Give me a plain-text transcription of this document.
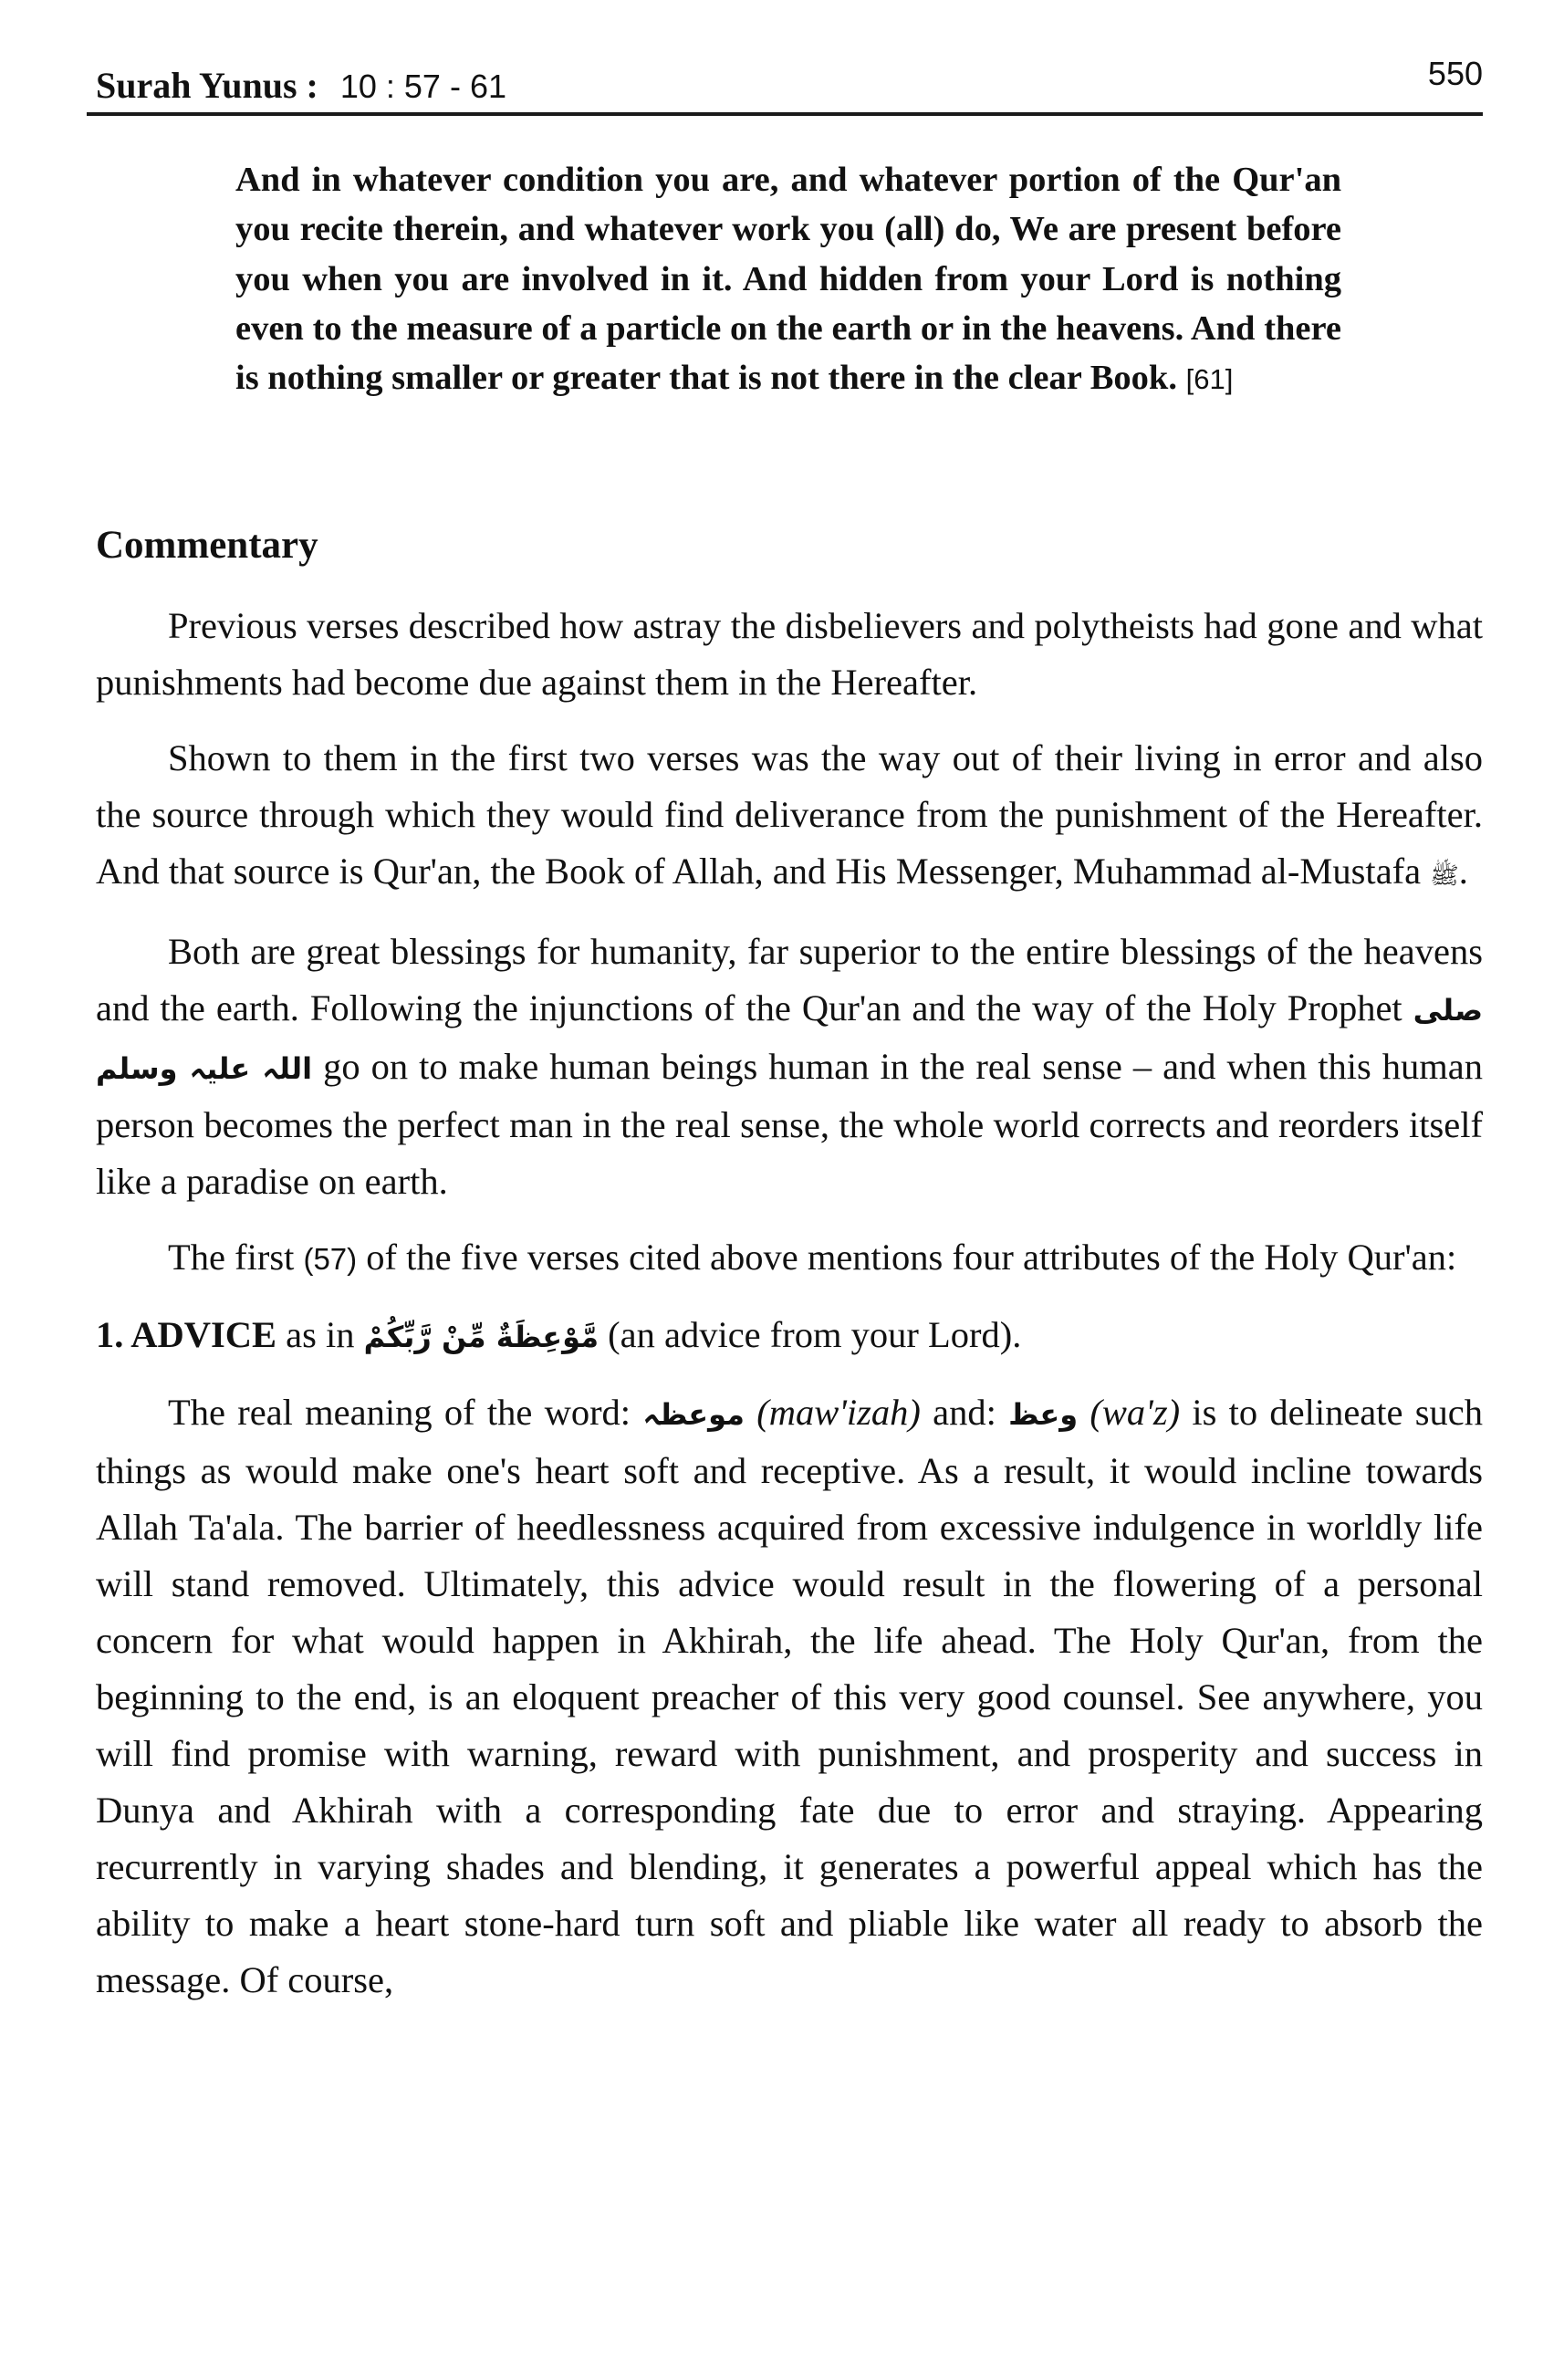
Surah Yunus : 10 : 57 - 61	550
And in whatever condition you are, and whatever portion of the Qur'an you recite therein, and whatever work you (all) do, We are present before you when you are involved in it. And hidden from your Lord is nothing even to the measure of a particle on the earth or in the heavens. And there is nothing smaller or greater that is not there in the clear Book. [61]
Commentary

Previous verses described how astray the disbelievers and polytheists had gone and what punishments had become due against them in the Hereafter.

Shown to them in the first two verses was the way out of their living in error and also the source through which they would find deliverance from the punishment of the Hereafter. And that source is Qur'an, the Book of Allah, and His Messenger, Muhammad al-Mustafa ﷺ.

Both are great blessings for humanity, far superior to the entire blessings of the heavens and the earth. Following the injunctions of the Qur'an and the way of the Holy Prophet صلی اللہ علیہ وسلم go on to make human beings human in the real sense – and when this human person becomes the perfect man in the real sense, the whole world corrects and reorders itself like a paradise on earth.

The first (57) of the five verses cited above mentions four attributes of the Holy Qur'an:

1. ADVICE as in مَّوْعِظَةٌ مِّنْ رَّبِّكُمْ (an advice from your Lord).

The real meaning of the word: موعظہ (maw'izah) and: وعظ (wa'z) is to delineate such things as would make one's heart soft and receptive. As a result, it would incline towards Allah Ta'ala. The barrier of heedlessness acquired from excessive indulgence in worldly life will stand removed. Ultimately, this advice would result in the flowering of a personal concern for what would happen in Akhirah, the life ahead. The Holy Qur'an, from the beginning to the end, is an eloquent preacher of this very good counsel. See anywhere, you will find promise with warning, reward with punishment, and prosperity and success in Dunya and Akhirah with a corresponding fate due to error and straying. Appearing recurrently in varying shades and blending, it generates a powerful appeal which has the ability to make a heart stone-hard turn soft and pliable like water all ready to absorb the message. Of course,
